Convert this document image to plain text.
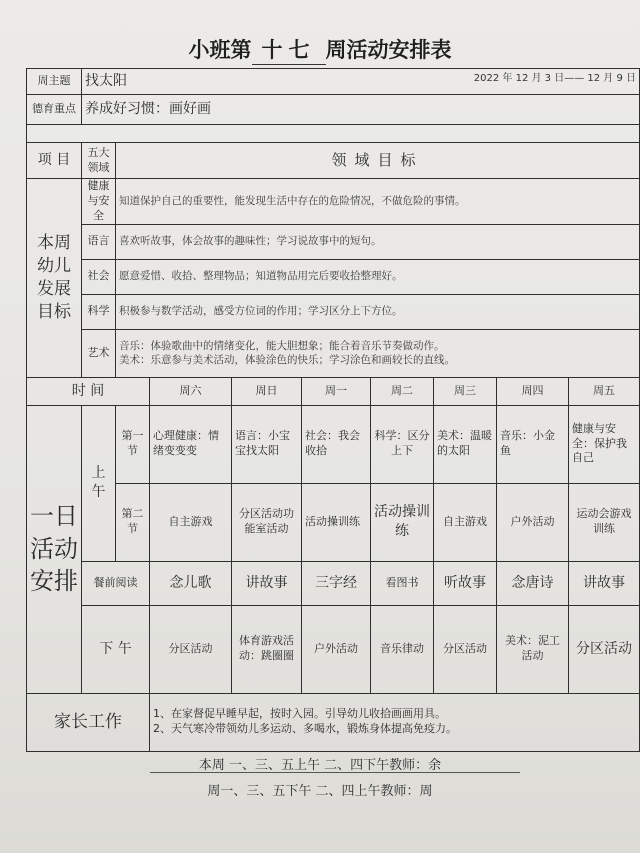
小班第 十七 周活动安排表
周主题	找太阳 2022 年 12 月 3 日—— 12 月 9 日								

德育重点	养成好习惯：画好画								

项 目	五大领域	领域目标							
本周幼儿发展目标	健康与安全	知道保护自己的重要性，能发现生活中存在的危险情况，不做危险的事情。							
	语言	喜欢听故事，体会故事的趣味性；学习说故事中的短句。							
	社会	愿意爱惜、收拾、整理物品；知道物品用完后要收拾整理好。							
	科学	积极参与数学活动，感受方位词的作用；学习区分上下方位。							
	艺术	音乐：体验歌曲中的情绪变化，能大胆想象；能合着音乐节奏做动作。
美术：乐意参与美术活动，体验涂色的快乐；学习涂色和画较长的直线。							

时 间			周六	周日	周一	周二	周三	周四	周五
一日活动安排	上午	第一节	心理健康：情绪变变变	语言：小宝宝找太阳	社会：我会收拾	科学：区分上下	美术：温暖的太阳	音乐：小金鱼	健康与安全：保护我自己
		第二节	自主游戏	分区活动功能室活动	活动操训练	活动操训练	自主游戏	户外活动	运动会游戏训练
	餐前阅读		念儿歌	讲故事	三字经	看图书	听故事	念唐诗	讲故事
	下 午		分区活动	体育游戏活动：跳圈圈	户外活动	音乐律动	分区活动	美术：泥工活动	分区活动
家长工作			1、在家督促早睡早起，按时入园。引导幼儿收拾画画用具。
2、天气寒冷带领幼儿多运动、多喝水，锻炼身体提高免疫力。						
本周 一、三、五上午 二、四下午教师：余
周一、三、五下午 二、四上午教师：周
